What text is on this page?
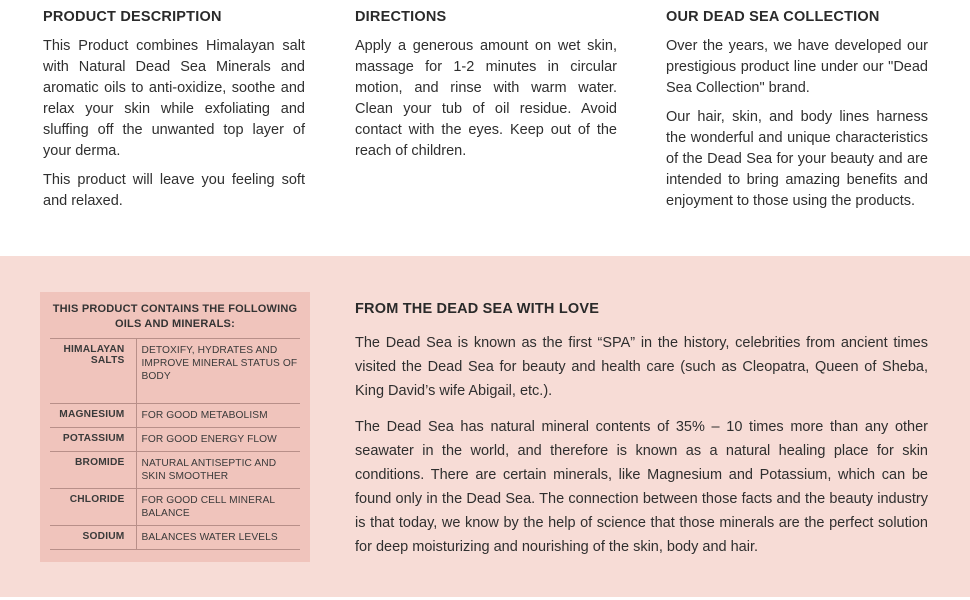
PRODUCT DESCRIPTION

This Product combines Himalayan salt with Natural Dead Sea Minerals and aromatic oils to anti-oxidize, soothe and relax your skin while exfoliating and sluffing off the unwanted top layer of your derma.

This product will leave you feeling soft and relaxed.

DIRECTIONS

Apply a generous amount on wet skin, massage for 1-2 minutes in circular motion, and rinse with warm water. Clean your tub of oil residue. Avoid contact with the eyes. Keep out of the reach of children.

OUR DEAD SEA COLLECTION

Over the years, we have developed our prestigious product line under our "Dead Sea Collection" brand.

Our hair, skin, and body lines harness the wonderful and unique characteristics of the Dead Sea for your beauty and are intended to bring amazing benefits and enjoyment to those using the products.

THIS PRODUCT CONTAINS THE FOLLOWING OILS AND MINERALS:
HIMALAYAN SALTS	DETOXIFY, HYDRATES AND IMPROVE MINERAL STATUS OF BODY
MAGNESIUM	FOR GOOD METABOLISM
POTASSIUM	FOR GOOD ENERGY FLOW
BROMIDE	NATURAL ANTISEPTIC AND SKIN SMOOTHER
CHLORIDE	FOR GOOD CELL MINERAL BALANCE
SODIUM	BALANCES WATER LEVELS
FROM THE DEAD SEA WITH LOVE

The Dead Sea is known as the first “SPA” in the history, celebrities from ancient times visited the Dead Sea for beauty and health care (such as Cleopatra, Queen of Sheba, King David’s wife Abigail, etc.).

The Dead Sea has natural mineral contents of 35% – 10 times more than any other seawater in the world, and therefore is known as a natural healing place for skin conditions. There are certain minerals, like Magnesium and Potassium, which can be found only in the Dead Sea. The connection between those facts and the beauty industry is that today, we know by the help of science that those minerals are the perfect solution for deep moisturizing and nourishing of the skin, body and hair.
